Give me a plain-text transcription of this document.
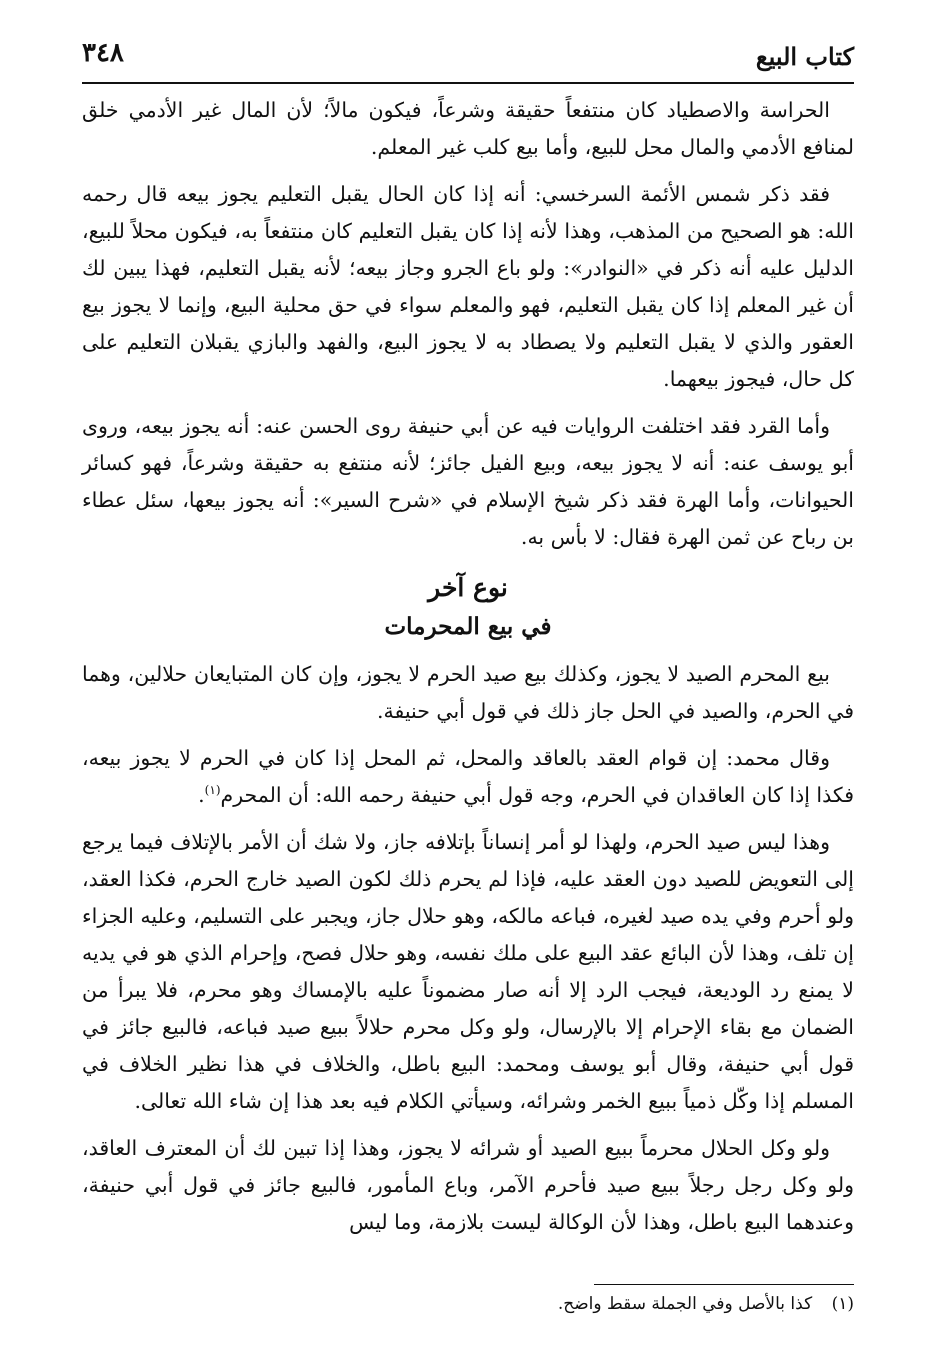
كتاب البيع
٣٤٨

الحراسة والاصطياد كان منتفعاً حقيقة وشرعاً، فيكون مالاً؛ لأن المال غير الأدمي خلق لمنافع الأدمي والمال محل للبيع، وأما بيع كلب غير المعلم.

فقد ذكر شمس الأئمة السرخسي: أنه إذا كان الحال يقبل التعليم يجوز بيعه قال رحمه الله: هو الصحيح من المذهب، وهذا لأنه إذا كان يقبل التعليم كان منتفعاً به، فيكون محلاً للبيع، الدليل عليه أنه ذكر في «النوادر»: ولو باع الجرو وجاز بيعه؛ لأنه يقبل التعليم، فهذا يبين لك أن غير المعلم إذا كان يقبل التعليم، فهو والمعلم سواء في حق محلية البيع، وإنما لا يجوز بيع العقور والذي لا يقبل التعليم ولا يصطاد به لا يجوز البيع، والفهد والبازي يقبلان التعليم على كل حال، فيجوز بيعهما.

وأما القرد فقد اختلفت الروايات فيه عن أبي حنيفة روى الحسن عنه: أنه يجوز بيعه، وروى أبو يوسف عنه: أنه لا يجوز بيعه، وبيع الفيل جائز؛ لأنه منتفع به حقيقة وشرعاً، فهو كسائر الحيوانات، وأما الهرة فقد ذكر شيخ الإسلام في «شرح السير»: أنه يجوز بيعها، سئل عطاء بن رباح عن ثمن الهرة فقال: لا بأس به.

نوع آخر
في بيع المحرمات

بيع المحرم الصيد لا يجوز، وكذلك بيع صيد الحرم لا يجوز، وإن كان المتبايعان حلالين، وهما في الحرم، والصيد في الحل جاز ذلك في قول أبي حنيفة.

وقال محمد: إن قوام العقد بالعاقد والمحل، ثم المحل إذا كان في الحرم لا يجوز بيعه، فكذا إذا كان العاقدان في الحرم، وجه قول أبي حنيفة رحمه الله: أن المحرم$^{(١)}$.

وهذا ليس صيد الحرم، ولهذا لو أمر إنساناً بإتلافه جاز، ولا شك أن الأمر بالإتلاف فيما يرجع إلى التعويض للصيد دون العقد عليه، فإذا لم يحرم ذلك لكون الصيد خارج الحرم، فكذا العقد، ولو أحرم وفي يده صيد لغيره، فباعه مالكه، وهو حلال جاز، ويجبر على التسليم، وعليه الجزاء إن تلف، وهذا لأن البائع عقد البيع على ملك نفسه، وهو حلال فصح، وإحرام الذي هو في يديه لا يمنع رد الوديعة، فيجب الرد إلا أنه صار مضموناً عليه بالإمساك وهو محرم، فلا يبرأ من الضمان مع بقاء الإحرام إلا بالإرسال، ولو وكل محرم حلالاً ببيع صيد فباعه، فالبيع جائز في قول أبي حنيفة، وقال أبو يوسف ومحمد: البيع باطل، والخلاف في هذا نظير الخلاف في المسلم إذا وكّل ذمياً ببيع الخمر وشرائه، وسيأتي الكلام فيه بعد هذا إن شاء الله تعالى.

ولو وكل الحلال محرماً ببيع الصيد أو شرائه لا يجوز، وهذا إذا تبين لك أن المعترف العاقد، ولو وكل رجل رجلاً ببيع صيد فأحرم الآمر، وباع المأمور، فالبيع جائز في قول أبي حنيفة، وعندهما البيع باطل، وهذا لأن الوكالة ليست بلازمة، وما ليس

(١) كذا بالأصل وفي الجملة سقط واضح.
